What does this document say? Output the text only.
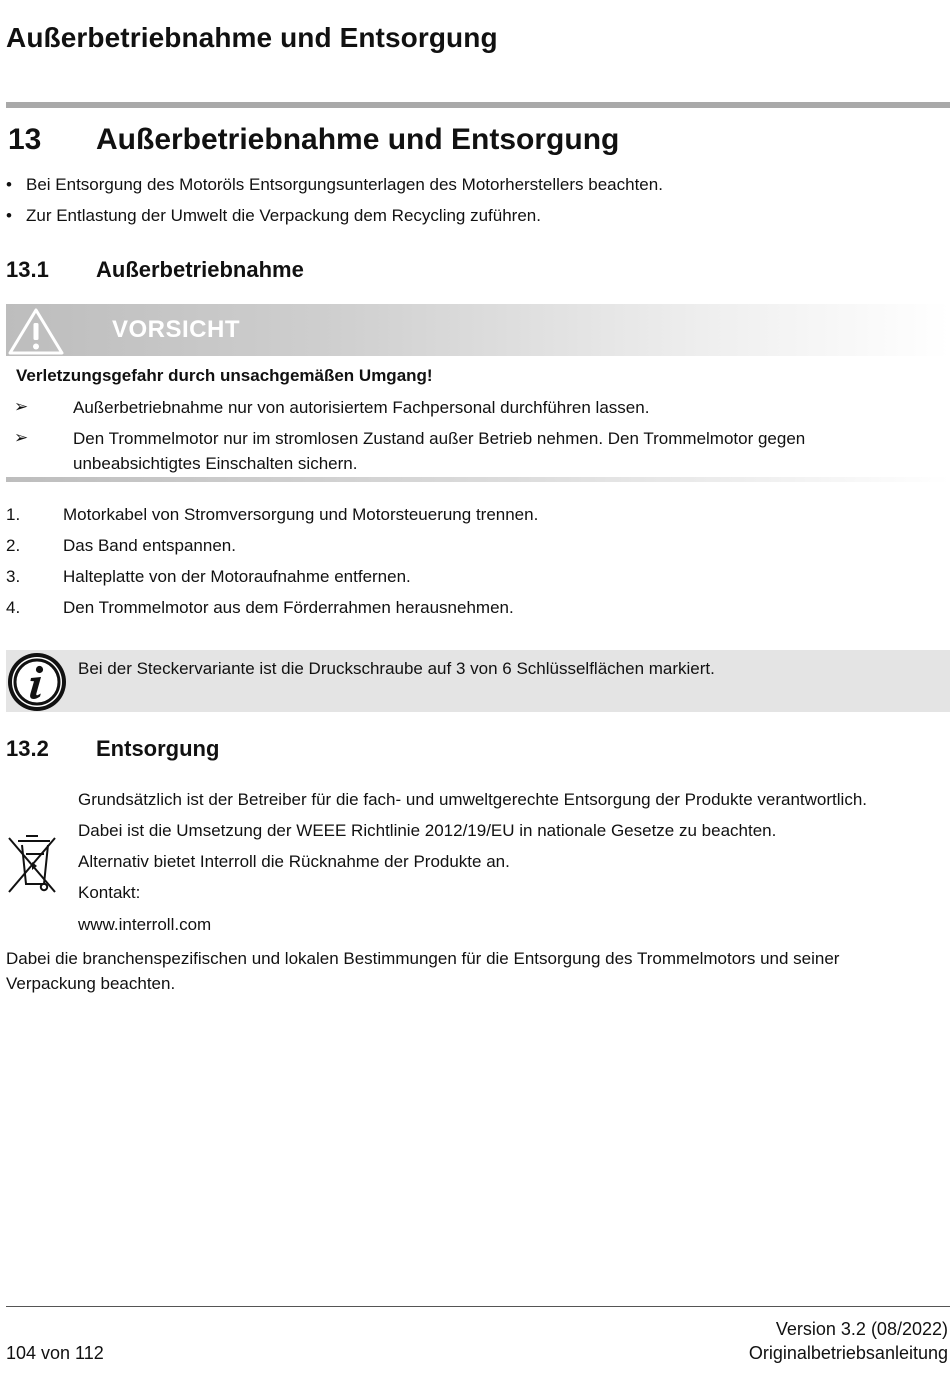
Außerbetriebnahme und Entsorgung
13 Außerbetriebnahme und Entsorgung
• Bei Entsorgung des Motoröls Entsorgungsunterlagen des Motorherstellers beachten.
• Zur Entlastung der Umwelt die Verpackung dem Recycling zuführen.
13.1 Außerbetriebnahme
VORSICHT
Verletzungsgefahr durch unsachgemäßen Umgang!
➢	Außerbetriebnahme nur von autorisiertem Fachpersonal durchführen lassen.
➢	Den Trommelmotor nur im stromlosen Zustand außer Betrieb nehmen. Den Trommelmotor gegen unbeabsichtigtes Einschalten sichern.
1.	Motorkabel von Stromversorgung und Motorsteuerung trennen.
2.	Das Band entspannen.
3.	Halteplatte von der Motoraufnahme entfernen.
4.	Den Trommelmotor aus dem Förderrahmen herausnehmen.
Bei der Steckervariante ist die Druckschraube auf 3 von 6 Schlüsselflächen markiert.
13.2 Entsorgung
Grundsätzlich ist der Betreiber für die fach- und umweltgerechte Entsorgung der Produkte verantwortlich.
Dabei ist die Umsetzung der WEEE Richtlinie 2012/19/EU in nationale Gesetze zu beachten.
Alternativ bietet Interroll die Rücknahme der Produkte an.
Kontakt:
www.interroll.com
Dabei die branchenspezifischen und lokalen Bestimmungen für die Entsorgung des Trommelmotors und seiner Verpackung beachten.
104 von 112
Version 3.2 (08/2022)
Originalbetriebsanleitung
